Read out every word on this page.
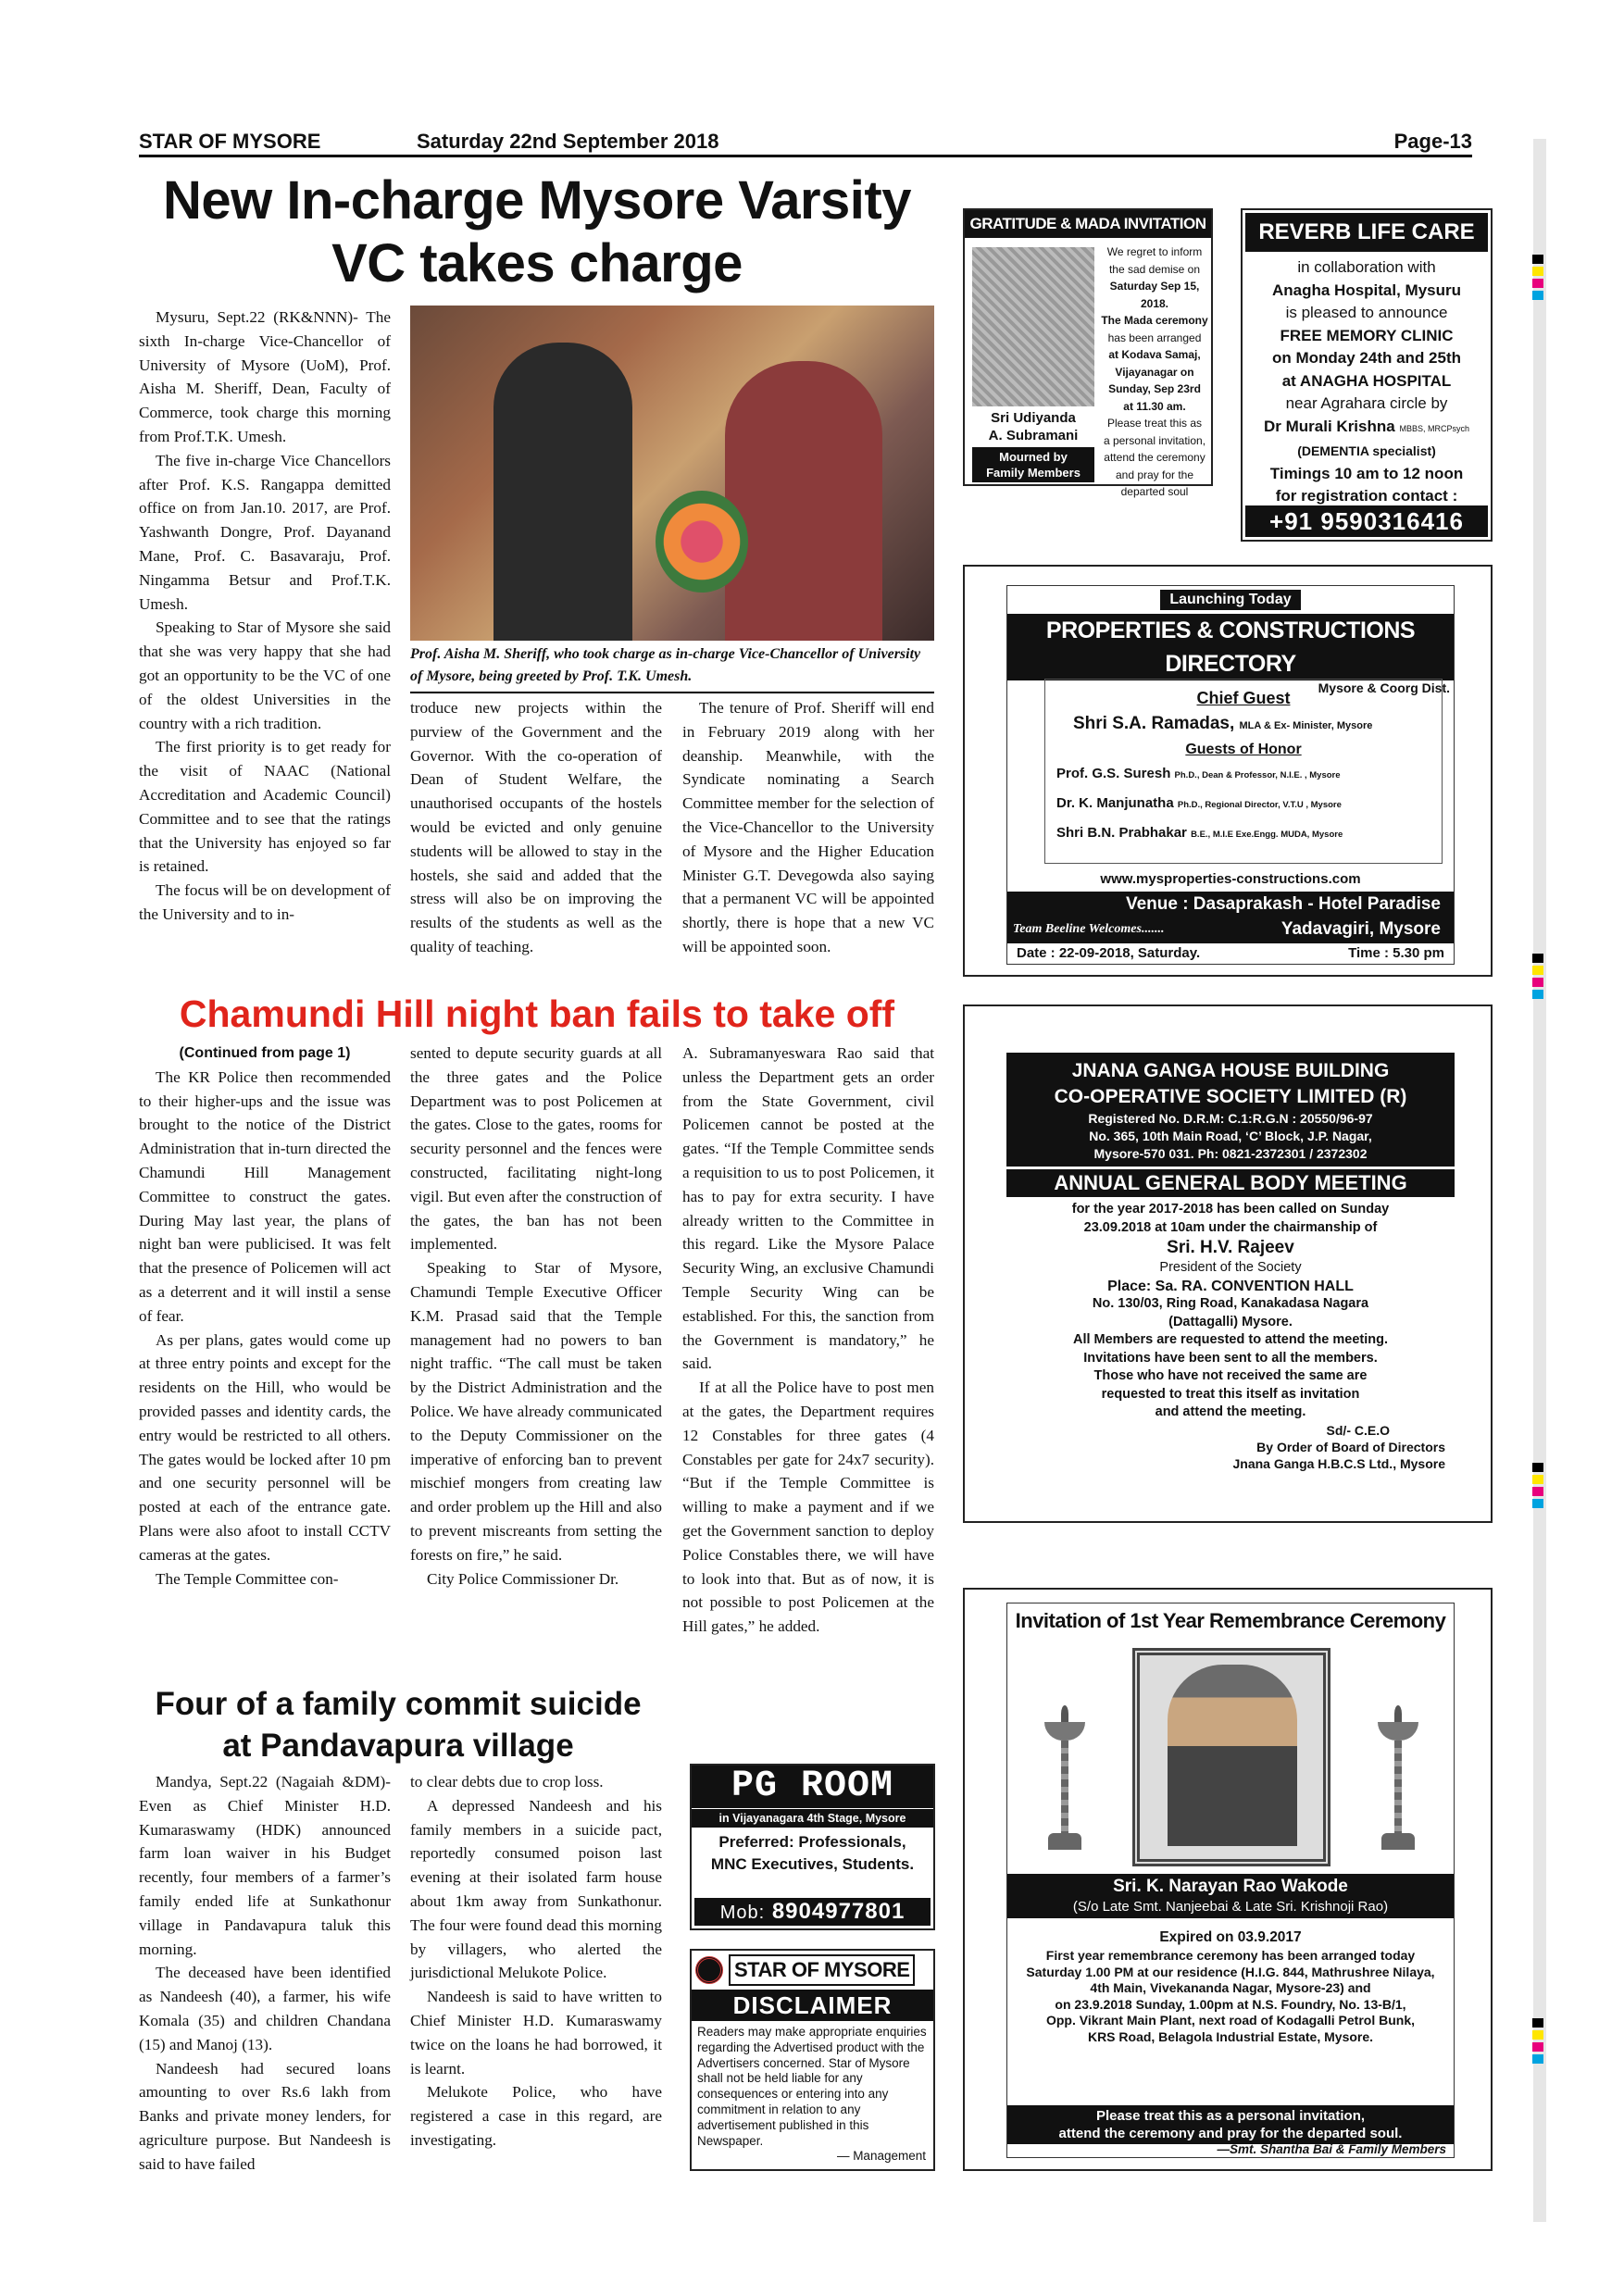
STAR OF MYSORE	Saturday 22nd September 2018	Page-13
New In-charge Mysore Varsity
VC takes charge

Mysuru, Sept.22 (RK&NNN)- The sixth In-charge Vice-Chancellor of University of Mysore (UoM), Prof. Aisha M. Sheriff, Dean, Faculty of Commerce, took charge this morning from Prof.T.K. Umesh.

The five in-charge Vice Chancellors after Prof. K.S. Rangappa demitted office on from Jan.10. 2017, are Prof. Yashwanth Dongre, Prof. Dayanand Mane, Prof. C. Basavaraju, Prof. Ningamma Betsur and Prof.T.K. Umesh.

Speaking to Star of Mysore she said that she was very happy that she had got an opportunity to be the VC of one of the oldest Universities in the country with a rich tradition.

The first priority is to get ready for the visit of NAAC (National Accreditation and Academic Council) Committee and to see that the ratings that the University has enjoyed so far is retained.

The focus will be on development of the University and to in-

Prof. Aisha M. Sheriff, who took charge as in-charge Vice-Chancellor of University of Mysore, being greeted by Prof. T.K. Umesh.

troduce new projects within the purview of the Government and the Governor. With the co-operation of Dean of Student Welfare, the unauthorised occupants of the hostels would be evicted and only genuine students will be allowed to stay in the hostels, she said and added that the stress will also be on improving the results of the students as well as the quality of teaching.

The tenure of Prof. Sheriff will end in February 2019 along with her deanship. Meanwhile, with the Syndicate nominating a Search Committee member for the selection of the Vice-Chancellor to the University of Mysore and the Higher Education Minister G.T. Devegowda also saying that a permanent VC will be appointed shortly, there is hope that a new VC will be appointed soon.

Chamundi Hill night ban fails to take off

(Continued from page 1)

The KR Police then recommended to their higher-ups and the issue was brought to the notice of the District Administration that in-turn directed the Chamundi Hill Management Committee to construct the gates. During May last year, the plans of night ban were publicised. It was felt that the presence of Policemen will act as a deterrent and it will instil a sense of fear.

As per plans, gates would come up at three entry points and except for the residents on the Hill, who would be provided passes and identity cards, the entry would be restricted to all others. The gates would be locked after 10 pm and one security personnel will be posted at each of the entrance gate. Plans were also afoot to install CCTV cameras at the gates.

The Temple Committee con-

sented to depute security guards at all the three gates and the Police Department was to post Policemen at the gates. Close to the gates, rooms for security personnel and the fences were constructed, facilitating night-long vigil. But even after the construction of the gates, the ban has not been implemented.

Speaking to Star of Mysore, Chamundi Temple Executive Officer K.M. Prasad said that the Temple management had no powers to ban night traffic. “The call must be taken by the District Administration and the Police. We have already communicated to the Deputy Commissioner on the imperative of enforcing ban to prevent mischief mongers from creating law and order problem up the Hill and also to prevent miscreants from setting the forests on fire,” he said.

City Police Commissioner Dr.

A. Subramanyeswara Rao said that unless the Department gets an order from the State Government, civil Policemen cannot be posted at the gates. “If the Temple Committee sends a requisition to us to post Policemen, it has to pay for extra security. I have already written to the Committee in this regard. Like the Mysore Palace Security Wing, an exclusive Chamundi Temple Security Wing can be established. For this, the sanction from the Government is mandatory,” he said.

If at all the Police have to post men at the gates, the Department requires 12 Constables for three gates (4 Constables per gate for 24x7 security). “But if the Temple Committee is willing to make a payment and if we get the Government sanction to deploy Police Constables there, we will have to look into that. But as of now, it is not possible to post Policemen at the Hill gates,” he added.

Four of a family commit suicide
at Pandavapura village

Mandya, Sept.22 (Nagaiah &DM)- Even as Chief Minister H.D. Kumaraswamy (HDK) announced farm loan waiver in his Budget recently, four members of a farmer’s family ended life at Sunkathonur village in Pandavapura taluk this morning.

The deceased have been identified as Nandeesh (40), a farmer, his wife Komala (35) and children Chandana (15) and Manoj (13).

Nandeesh had secured loans amounting to over Rs.6 lakh from Banks and private money lenders, for agriculture purpose. But Nandeesh is said to have failed

to clear debts due to crop loss.

A depressed Nandeesh and his family members in a suicide pact, reportedly consumed poison last evening at their isolated farm house about 1km away from Sunkathonur. The four were found dead this morning by villagers, who alerted the jurisdictional Melukote Police.

Nandeesh is said to have written to Chief Minister H.D. Kumaraswamy twice on the loans he had borrowed, it is learnt.

Melukote Police, who have registered a case in this regard, are investigating.

GRATITUDE & MADA INVITATION
Sri Udiyanda
A. Subramani
Mourned by
Family Members
We regret to inform
the sad demise on
Saturday Sep 15, 2018.
The Mada ceremony
has been arranged
at Kodava Samaj,
Vijayanagar on
Sunday, Sep 23rd
at 11.30 am.
Please treat this as
a personal invitation,
attend the ceremony
and pray for the
departed soul
REVERB LIFE CARE
in collaboration with
Anagha Hospital, Mysuru
is pleased to announce
FREE MEMORY CLINIC
on Monday 24th and 25th
at ANAGHA HOSPITAL
near Agrahara circle by
Dr Murali Krishna MBBS, MRCPsych
(DEMENTIA specialist)
Timings 10 am to 12 noon
for registration contact :
+91 9590316416
Launching Today
PROPERTIES & CONSTRUCTIONS DIRECTORY
Mysore & Coorg Dist.
Chief Guest
Shri S.A. Ramadas, MLA & Ex- Minister, Mysore
Guests of Honor
Prof. G.S. Suresh Ph.D., Dean & Professor, N.I.E. , Mysore
Dr. K. Manjunatha Ph.D., Regional Director, V.T.U , Mysore
Shri B.N. Prabhakar B.E., M.I.E Exe.Engg. MUDA, Mysore
www.mysproperties-constructions.com
Venue : Dasaprakash - Hotel Paradise
Team Beeline Welcomes.......	Yadavagiri, Mysore
Date : 22-09-2018, Saturday.	Time : 5.30 pm
JNANA GANGA HOUSE BUILDING
CO-OPERATIVE SOCIETY LIMITED (R)
Registered No. D.R.M: C.1:R.G.N : 20550/96-97
No. 365, 10th Main Road, ‘C’ Block, J.P. Nagar,
Mysore-570 031. Ph: 0821-2372301 / 2372302
ANNUAL GENERAL BODY MEETING
for the year 2017-2018 has been called on Sunday
23.09.2018 at 10am under the chairmanship of
Sri. H.V. Rajeev
President of the Society
Place: Sa. RA. CONVENTION HALL
No. 130/03, Ring Road, Kanakadasa Nagara
(Dattagalli) Mysore.
All Members are requested to attend the meeting.
Invitations have been sent to all the members.
Those who have not received the same are
requested to treat this itself as invitation
and attend the meeting.
Sd/- C.E.O
By Order of Board of Directors
Jnana Ganga H.B.C.S Ltd., Mysore
PG ROOM
in Vijayanagara 4th Stage, Mysore
Preferred: Professionals,
MNC Executives, Students.
Mob: 8904977801
STAR OF MYSORE
DISCLAIMER
Readers may make appropriate enquiries regarding the Advertised product with the Advertisers concerned. Star of Mysore shall not be held liable for any consequences or entering into any commitment in relation to any advertisement published in this Newspaper.
— Management
Invitation of 1st Year Remembrance Ceremony
Sri. K. Narayan Rao Wakode
(S/o Late Smt. Nanjeebai & Late Sri. Krishnoji Rao)
Expired on 03.9.2017
First year remembrance ceremony has been arranged today
Saturday 1.00 PM at our residence (H.I.G. 844, Mathrushree Nilaya,
4th Main, Vivekananda Nagar, Mysore-23) and
on 23.9.2018 Sunday, 1.00pm at N.S. Foundry, No. 13-B/1,
Opp. Vikrant Main Plant, next road of Kodagalli Petrol Bunk,
KRS Road, Belagola Industrial Estate, Mysore.
Please treat this as a personal invitation,
attend the ceremony and pray for the departed soul.
—Smt. Shantha Bai & Family Members
